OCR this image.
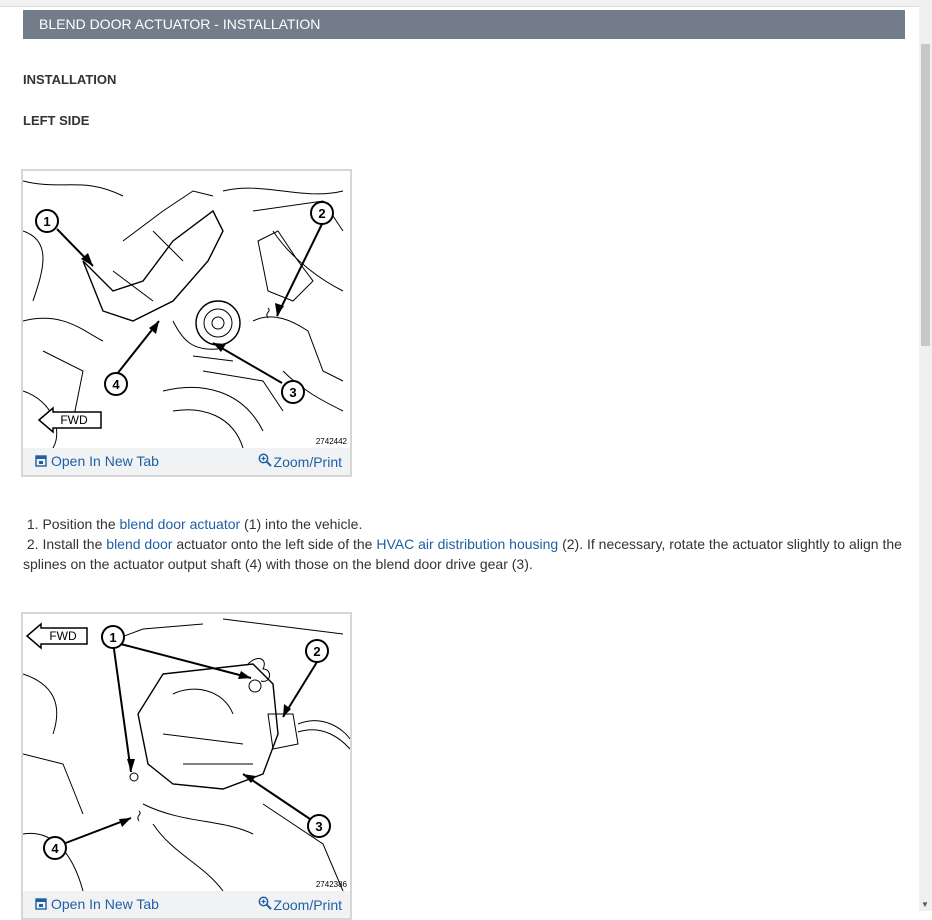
BLEND DOOR ACTUATOR - INSTALLATION
INSTALLATION
LEFT SIDE
1
2
3
4
FWD
2742442
Open In New Tab	Zoom/Print

1. Position the blend door actuator (1) into the vehicle.

2. Install the blend door actuator onto the left side of the HVAC air distribution housing (2). If necessary, rotate the actuator slightly to align the splines on the actuator output shaft (4) with those on the blend door drive gear (3).

1
2
3
4
FWD
2742386
Open In New Tab	Zoom/Print	▼
